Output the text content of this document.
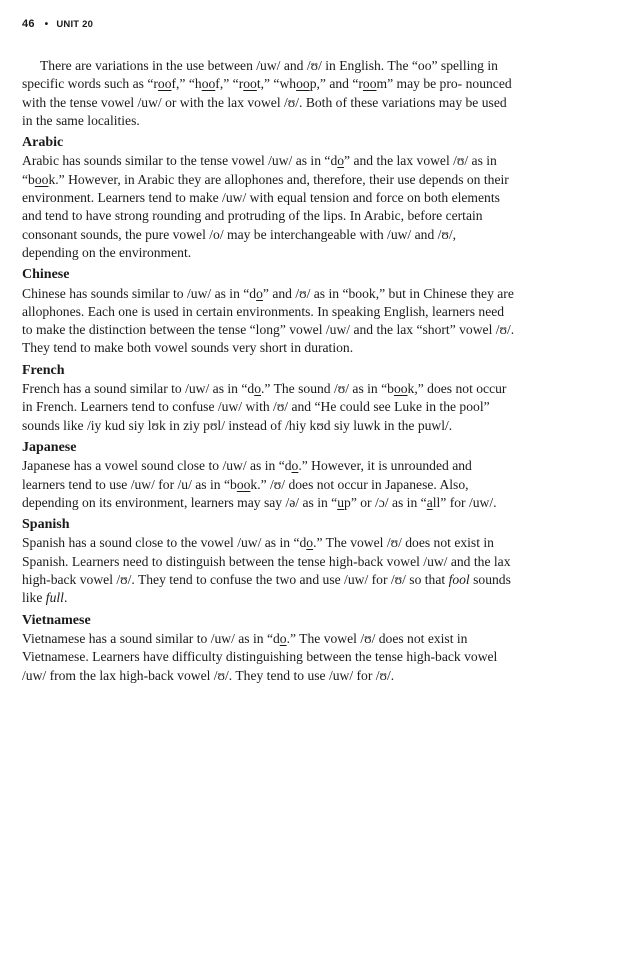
46 • UNIT 20

There are variations in the use between /uw/ and /ʊ/ in English. The “oo” spelling in specific words such as “roof,” “hoof,” “root,” “whoop,” and “room” may be pro- nounced with the tense vowel /uw/ or with the lax vowel /ʊ/. Both of these variations may be used in the same localities.

Arabic

Arabic has sounds similar to the tense vowel /uw/ as in “do” and the lax vowel /ʊ/ as in “book.” However, in Arabic they are allophones and, therefore, their use depends on their environment. Learners tend to make /uw/ with equal tension and force on both elements and tend to have strong rounding and protruding of the lips. In Arabic, before certain consonant sounds, the pure vowel /o/ may be interchangeable with /uw/ and /ʊ/, depending on the environment.

Chinese

Chinese has sounds similar to /uw/ as in “do” and /ʊ/ as in “book,” but in Chinese they are allophones. Each one is used in certain environments. In speaking English, learners need to make the distinction between the tense “long” vowel /uw/ and the lax “short” vowel /ʊ/. They tend to make both vowel sounds very short in duration.

French

French has a sound similar to /uw/ as in “do.” The sound /ʊ/ as in “book,” does not occur in French. Learners tend to confuse /uw/ with /ʊ/ and “He could see Luke in the pool” sounds like /iy kud siy lʊk in ziy pʊl/ instead of /hiy kʊd siy luwk in the puwl/.

Japanese

Japanese has a vowel sound close to /uw/ as in “do.” However, it is unrounded and learners tend to use /uw/ for /u/ as in “book.” /ʊ/ does not occur in Japanese. Also, depending on its environment, learners may say /ə/ as in “up” or /ɔ/ as in “all” for /uw/.

Spanish

Spanish has a sound close to the vowel /uw/ as in “do.” The vowel /ʊ/ does not exist in Spanish. Learners need to distinguish between the tense high-back vowel /uw/ and the lax high-back vowel /ʊ/. They tend to confuse the two and use /uw/ for /ʊ/ so that fool sounds like full.

Vietnamese

Vietnamese has a sound similar to /uw/ as in “do.” The vowel /ʊ/ does not exist in Vietnamese. Learners have difficulty distinguishing between the tense high-back vowel /uw/ from the lax high-back vowel /ʊ/. They tend to use /uw/ for /ʊ/.
